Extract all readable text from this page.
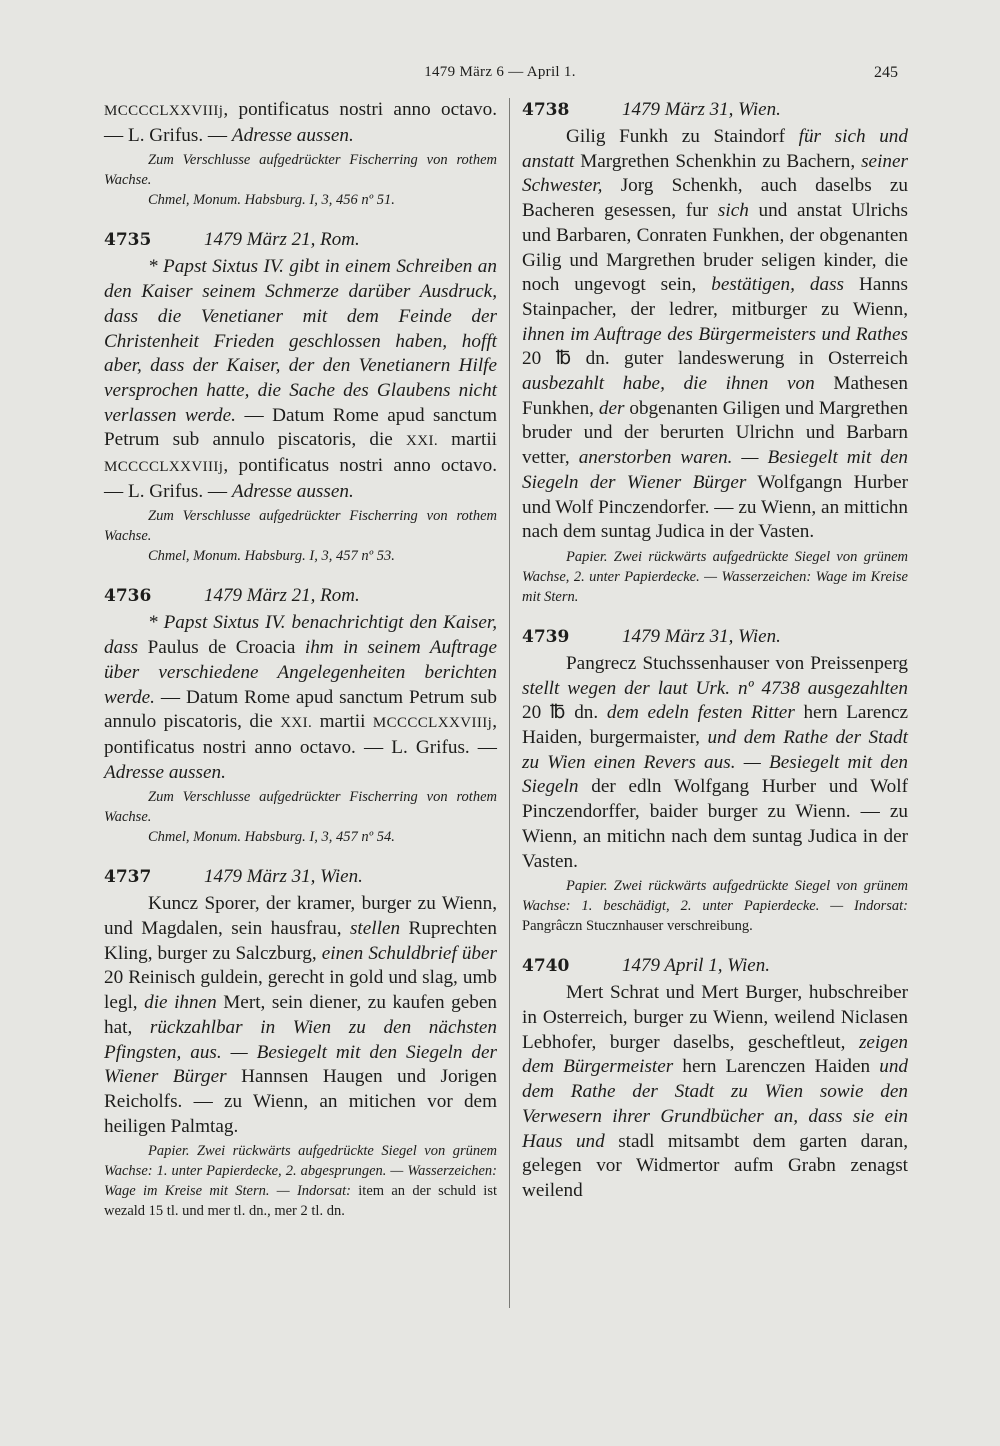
1479 März 6 — April 1.	245

MCCCCLXXVIIIj, pontificatus nostri anno octavo. — L. Grifus. — Adresse aussen.

Zum Verschlusse aufgedrückter Fischerring von rothem Wachse.

Chmel, Monum. Habsburg. I, 3, 456 nº 51.

4735	1479 März 21, Rom.

* Papst Sixtus IV. gibt in einem Schreiben an den Kaiser seinem Schmerze darüber Ausdruck, dass die Venetianer mit dem Feinde der Christenheit Frieden geschlossen haben, hofft aber, dass der Kaiser, der den Venetianern Hilfe versprochen hatte, die Sache des Glaubens nicht verlassen werde. — Datum Rome apud sanctum Petrum sub annulo piscatoris, die XXI. martii MCCCCLXXVIIIj, pontificatus nostri anno octavo. — L. Grifus. — Adresse aussen.

Zum Verschlusse aufgedrückter Fischerring von rothem Wachse.

Chmel, Monum. Habsburg. I, 3, 457 nº 53.

4736	1479 März 21, Rom.

* Papst Sixtus IV. benachrichtigt den Kaiser, dass Paulus de Croacia ihm in seinem Auftrage über verschiedene Angelegenheiten berichten werde. — Datum Rome apud sanctum Petrum sub annulo piscatoris, die XXI. martii MCCCCLXXVIIIj, pontificatus nostri anno octavo. — L. Grifus. — Adresse aussen.

Zum Verschlusse aufgedrückter Fischerring von rothem Wachse.

Chmel, Monum. Habsburg. I, 3, 457 nº 54.

4737	1479 März 31, Wien.

Kuncz Sporer, der kramer, burger zu Wienn, und Magdalen, sein hausfrau, stellen Ruprechten Kling, burger zu Salczburg, einen Schuldbrief über 20 Reinisch guldein, gerecht in gold und slag, umb legl, die ihnen Mert, sein diener, zu kaufen geben hat, rückzahlbar in Wien zu den nächsten Pfingsten, aus. — Besiegelt mit den Siegeln der Wiener Bürger Hannsen Haugen und Jorigen Reicholfs. — zu Wienn, an mitichen vor dem heiligen Palmtag.

Papier. Zwei rückwärts aufgedrückte Siegel von grünem Wachse: 1. unter Papierdecke, 2. abgesprungen. — Wasserzeichen: Wage im Kreise mit Stern. — Indorsat: item an der schuld ist wezald 15 tl. und mer tl. dn., mer 2 tl. dn.

4738	1479 März 31, Wien.

Gilig Funkh zu Staindorf für sich und anstatt Margrethen Schenkhin zu Bachern, seiner Schwester, Jorg Schenkh, auch daselbs zu Bacheren gesessen, fur sich und anstat Ulrichs und Barbaren, Conraten Funkhen, der obgenanten Gilig und Margrethen bruder seligen kinder, die noch ungevogt sein, bestätigen, dass Hanns Stainpacher, der ledrer, mitburger zu Wienn, ihnen im Auftrage des Bürgermeisters und Rathes 20 ℔ dn. guter landeswerung in Osterreich ausbezahlt habe, die ihnen von Mathesen Funkhen, der obgenanten Giligen und Margrethen bruder und der berurten Ulrichn und Barbarn vetter, anerstorben waren. — Besiegelt mit den Siegeln der Wiener Bürger Wolfgangn Hurber und Wolf Pinczendorfer. — zu Wienn, an mittichn nach dem suntag Judica in der Vasten.

Papier. Zwei rückwärts aufgedrückte Siegel von grünem Wachse, 2. unter Papierdecke. — Wasserzeichen: Wage im Kreise mit Stern.

4739	1479 März 31, Wien.

Pangrecz Stuchssenhauser von Preissenperg stellt wegen der laut Urk. nº 4738 ausgezahlten 20 ℔ dn. dem edeln festen Ritter hern Larencz Haiden, burgermaister, und dem Rathe der Stadt zu Wien einen Revers aus. — Besiegelt mit den Siegeln der edln Wolfgang Hurber und Wolf Pinczendorffer, baider burger zu Wienn. — zu Wienn, an mitichn nach dem suntag Judica in der Vasten.

Papier. Zwei rückwärts aufgedrückte Siegel von grünem Wachse: 1. beschädigt, 2. unter Papierdecke. — Indorsat: Pangrâczn Stucznhauser verschreibung.

4740	1479 April 1, Wien.

Mert Schrat und Mert Burger, hubschreiber in Osterreich, burger zu Wienn, weilend Niclasen Lebhofer, burger daselbs, gescheftleut, zeigen dem Bürgermeister hern Larenczen Haiden und dem Rathe der Stadt zu Wien sowie den Verwesern ihrer Grundbücher an, dass sie ein Haus und stadl mitsambt dem garten daran, gelegen vor Widmertor aufm Grabn zenagst weilend
